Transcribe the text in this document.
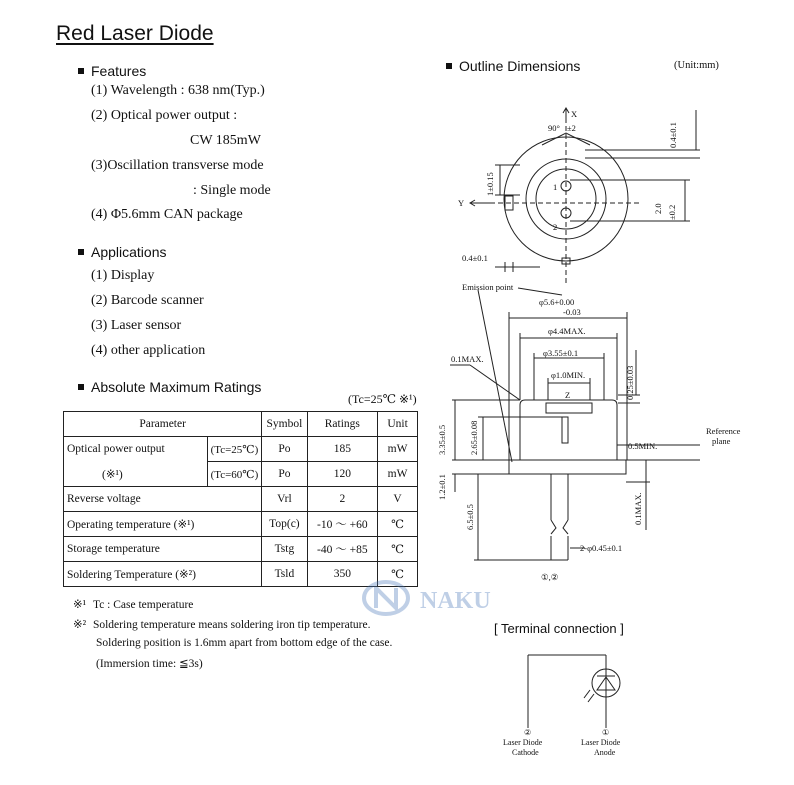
Red Laser Diode
Features
(1) Wavelength : 638 nm(Typ.)
(2) Optical power output :
CW 185mW
(3)Oscillation transverse mode
: Single mode
(4) Φ5.6mm CAN package
Applications
(1) Display
(2) Barcode scanner
(3) Laser sensor
(4) other application
Absolute Maximum Ratings
(Tc=25℃ ※¹)
Parameter		Symbol	Ratings	Unit
Optical power output	(Tc=25℃)	Po	185	mW
(※¹)	(Tc=60℃)	Po	120	mW
Reverse voltage		Vrl	2	V
Operating temperature (※¹)		Top(c)	-10 ～ +60	℃
Storage temperature		Tstg	-40 ～ +85	℃
Soldering Temperature (※²)		Tsld	350	℃
※¹ Tc : Case temperature
※² Soldering temperature means soldering iron tip temperature.
Soldering position is 1.6mm apart from bottom edge of the case.
(Immersion time: ≦3s)
Outline Dimensions	(Unit:mm)
X
Y
90° ±2
2
1
0.4±0.1
1±0.15
2.0 ±0.2
0.4±0.1
Emission point
φ5.6+0.00
-0.03
φ4.4MAX.
φ3.55±0.1
φ1.0MIN.
Z
0.1MAX.
0.25±0.03
3.35±0.5	2.65±0.08	0.5MIN.
Reference
plane
1.2±0.1
0.1MAX.
6.5±0.5
2-φ0.45±0.1
①,②
NAKU
[ Terminal connection ]
②
Laser Diode
Cathode
①
Laser Diode
Anode
